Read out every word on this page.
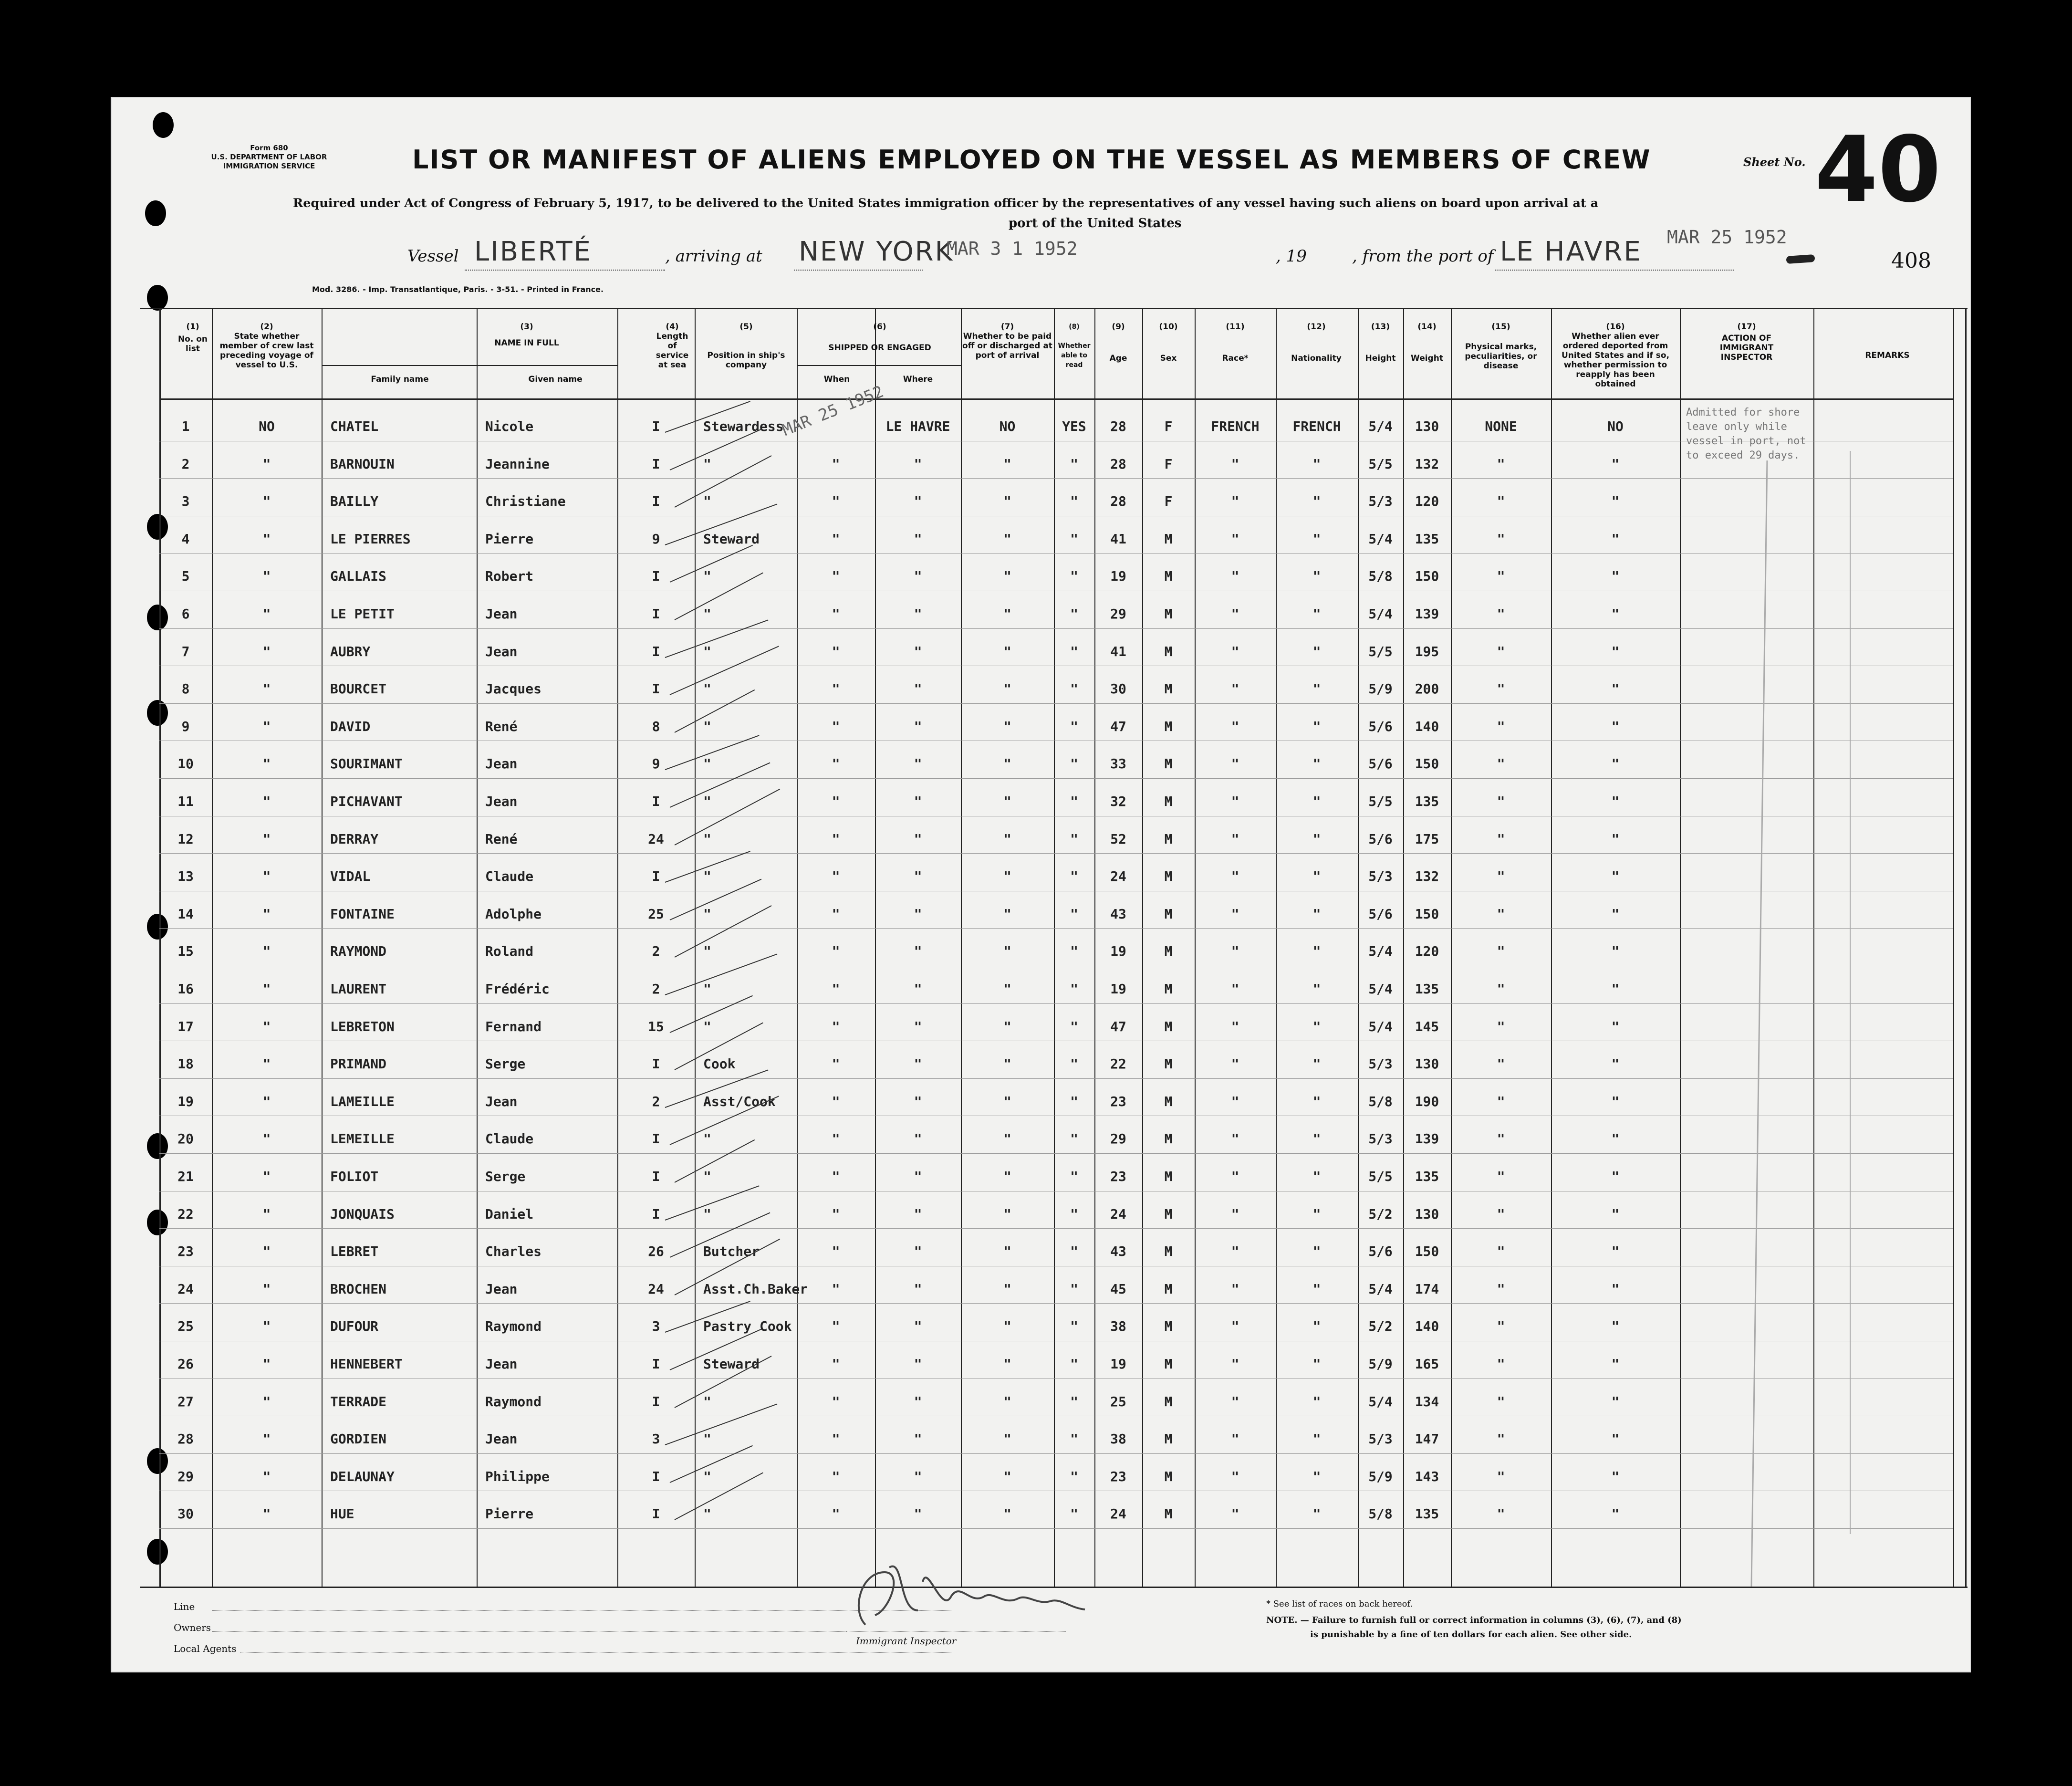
Form 680
U.S. DEPARTMENT OF LABOR
IMMIGRATION SERVICE	LIST OR MANIFEST OF ALIENS EMPLOYED ON THE VESSEL AS MEMBERS OF CREW	Sheet No. 40
408
Required under Act of Congress of February 5, 1917, to be delivered to the United States immigration officer by the representatives of any vessel having such aliens on board upon arrival at a
port of the United States
Vessel LIBERTÉ	, arriving at NEW YORK
MAR 3 1 1952	, 19	, from the port of LE HAVRE MAR 25 1952
Mod. 3286. - Imp. Transatlantique, Paris. - 3-51. - Printed in France.
(1)
No. on list
(2)
State whether member of crew last preceding voyage of vessel to U.S.
(3)
NAME IN FULL
Family name	Given name
(4)
Length of service at sea
(5)
Position in ship's company
(6)
SHIPPED OR ENGAGED
When	Where
(7)
Whether to be paid off or discharged at port of arrival
(8)
Whether able to read
(9)
Age
(10)
Sex
(11)
Race*
(12)
Nationality
(13)
Height
(14)
Weight
(15)
Physical marks, peculiarities, or disease
(16)
Whether alien ever ordered deported from United States and if so, whether permission to reapply has been obtained
(17)
ACTION OF IMMIGRANT INSPECTOR	REMARKS
1	NO	CHATEL	Nicole	I	Stewardess	LE HAVRE	NO	YES	28	F	FRENCH	FRENCH	5/4	130	NONE	NO
2	"	BARNOUIN	Jeannine	I	"	"	"	"	"	28	F	"	"	5/5	132	"	"
3	"	BAILLY	Christiane	I	"	"	"	"	"	28	F	"	"	5/3	120	"	"
4	"	LE PIERRES	Pierre	9	Steward	"	"	"	"	41	M	"	"	5/4	135	"	"
5	"	GALLAIS	Robert	I	"	"	"	"	"	19	M	"	"	5/8	150	"	"
6	"	LE PETIT	Jean	I	"	"	"	"	"	29	M	"	"	5/4	139	"	"
7	"	AUBRY	Jean	I	"	"	"	"	"	41	M	"	"	5/5	195	"	"
8	"	BOURCET	Jacques	I	"	"	"	"	"	30	M	"	"	5/9	200	"	"
9	"	DAVID	René	8	"	"	"	"	"	47	M	"	"	5/6	140	"	"
10	"	SOURIMANT	Jean	9	"	"	"	"	"	33	M	"	"	5/6	150	"	"
11	"	PICHAVANT	Jean	I	"	"	"	"	"	32	M	"	"	5/5	135	"	"
12	"	DERRAY	René	24	"	"	"	"	"	52	M	"	"	5/6	175	"	"
13	"	VIDAL	Claude	I	"	"	"	"	"	24	M	"	"	5/3	132	"	"
14	"	FONTAINE	Adolphe	25	"	"	"	"	"	43	M	"	"	5/6	150	"	"
15	"	RAYMOND	Roland	2	"	"	"	"	"	19	M	"	"	5/4	120	"	"
16	"	LAURENT	Frédéric	2	"	"	"	"	"	19	M	"	"	5/4	135	"	"
17	"	LEBRETON	Fernand	15	"	"	"	"	"	47	M	"	"	5/4	145	"	"
18	"	PRIMAND	Serge	I	Cook	"	"	"	"	22	M	"	"	5/3	130	"	"
19	"	LAMEILLE	Jean	2	Asst/Cook	"	"	"	"	23	M	"	"	5/8	190	"	"
20	"	LEMEILLE	Claude	I	"	"	"	"	"	29	M	"	"	5/3	139	"	"
21	"	FOLIOT	Serge	I	"	"	"	"	"	23	M	"	"	5/5	135	"	"
22	"	JONQUAIS	Daniel	I	"	"	"	"	"	24	M	"	"	5/2	130	"	"
23	"	LEBRET	Charles	26	Butcher	"	"	"	"	43	M	"	"	5/6	150	"	"
24	"	BROCHEN	Jean	24	Asst.Ch.Baker	"	"	"	"	45	M	"	"	5/4	174	"	"
25	"	DUFOUR	Raymond	3	Pastry Cook	"	"	"	"	38	M	"	"	5/2	140	"	"
26	"	HENNEBERT	Jean	I	Steward	"	"	"	"	19	M	"	"	5/9	165	"	"
27	"	TERRADE	Raymond	I	"	"	"	"	"	25	M	"	"	5/4	134	"	"
28	"	GORDIEN	Jean	3	"	"	"	"	"	38	M	"	"	5/3	147	"	"
29	"	DELAUNAY	Philippe	I	"	"	"	"	"	23	M	"	"	5/9	143	"	"
30	"	HUE	Pierre	I	"	"	"	"	"	24	M	"	"	5/8	135	"	"
MAR 25 1952	Admitted for shore leave only while vessel in port, not to exceed 29 days.
Line
Owners
Local Agents
Immigrant Inspector
* See list of races on back hereof.
NOTE. — Failure to furnish full or correct information in columns (3), (6), (7), and (8)
is punishable by a fine of ten dollars for each alien. See other side.
